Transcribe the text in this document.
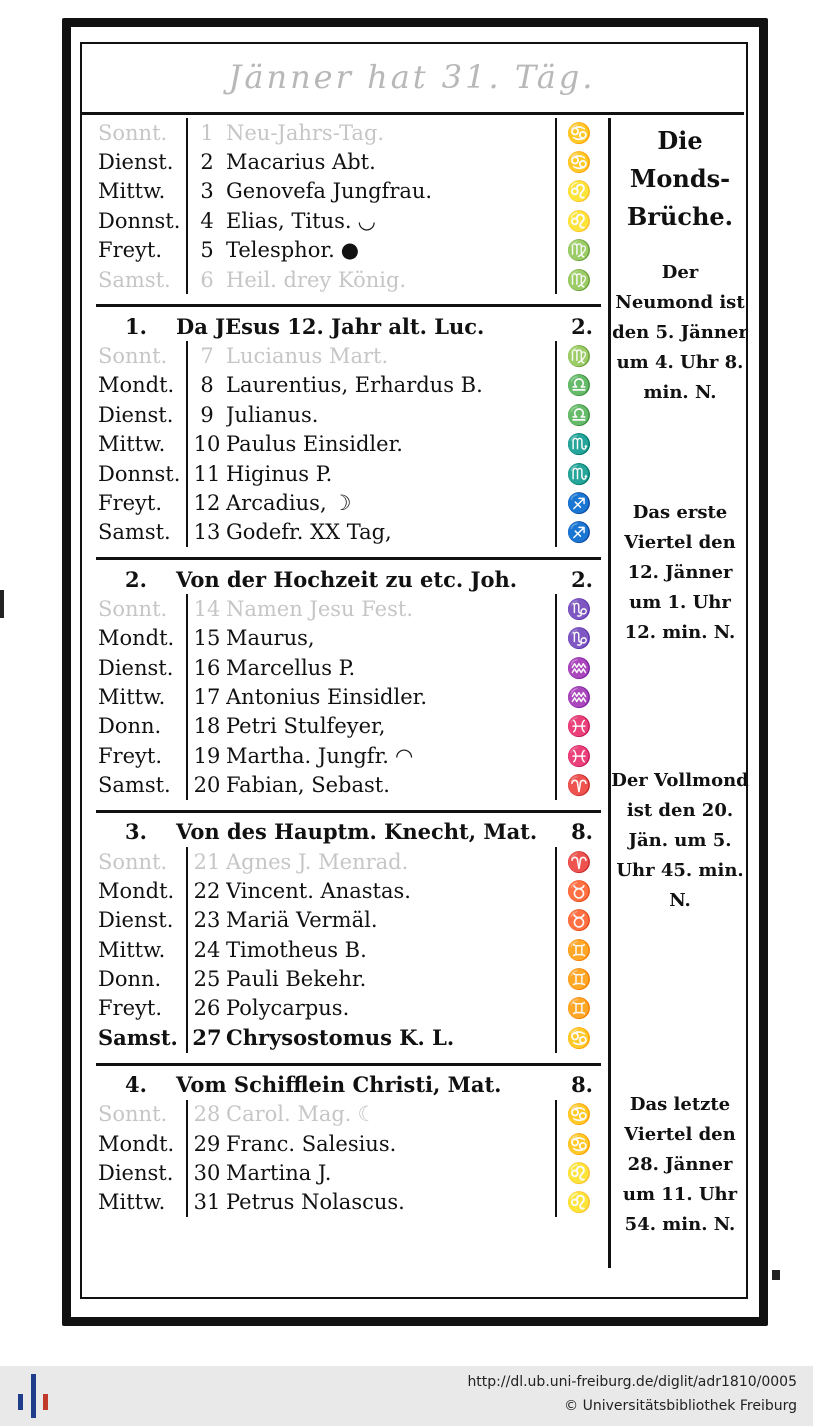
Jänner hat 31. Täg.
Sonnt.	1 Neu-Jahrs-Tag.	♋
Dienst.	2 Macarius Abt.	♋
Mittw.	3 Genovefa Jungfrau.	♌
Donnst. 4 Elias, Titus. ◡	♌
Freyt.	5 Telesphor. ●	♍
Samst.	6 Heil. drey König.	♍
1.	Da JEsus 12. Jahr alt. Luc.	2.
Sonnt.	7 Lucianus Mart.	♍
Mondt.	8 Laurentius, Erhardus B.	♎
Dienst.	9 Julianus.	♎
Mittw.	10 Paulus Einsidler.	♏
Donnst. 11 Higinus P.	♏
Freyt.	12 Arcadius, ☽	♐
Samst.	13 Godefr. XX Tag,	♐
2.	Von der Hochzeit zu etc. Joh.	2.
Sonnt.	14 Namen Jesu Fest.	♑
Mondt. 15 Maurus,	♑
Dienst. 16 Marcellus P.	♒
Mittw.	17 Antonius Einsidler.	♒
Donn.	18 Petri Stulfeyer,	♓
Freyt.	19 Martha. Jungfr. ◠	♓
Samst.	20 Fabian, Sebast.	♈
3.	Von des Hauptm. Knecht, Mat.	8.
Sonnt.	21 Agnes J. Menrad.	♈
Mondt. 22 Vincent. Anastas.	♉
Dienst. 23 Mariä Vermäl.	♉
Mittw.	24 Timotheus B.	♊
Donn.	25 Pauli Bekehr.	♊
Freyt.	26 Polycarpus.	♊
Samst. 27 Chrysostomus K. L.	♋
4.	Vom Schifflein Christi, Mat.	8.
Sonnt.	28 Carol. Mag. ☾	♋
Mondt. 29 Franc. Salesius.	♋
Dienst. 30 Martina J.	♌
Mittw.	31 Petrus Nolascus.	♌
Die Monds-Brüche.
Der Neumond ist den 5. Jänner um 4. Uhr 8. min. N.
Das erste Viertel den 12. Jänner um 1. Uhr 12. min. N.
Der Vollmond ist den 20. Jän. um 5. Uhr 45. min. N.
Das letzte Viertel den 28. Jänner um 11. Uhr 54. min. N.
http://dl.ub.uni-freiburg.de/diglit/adr1810/0005
© Universitätsbibliothek Freiburg
